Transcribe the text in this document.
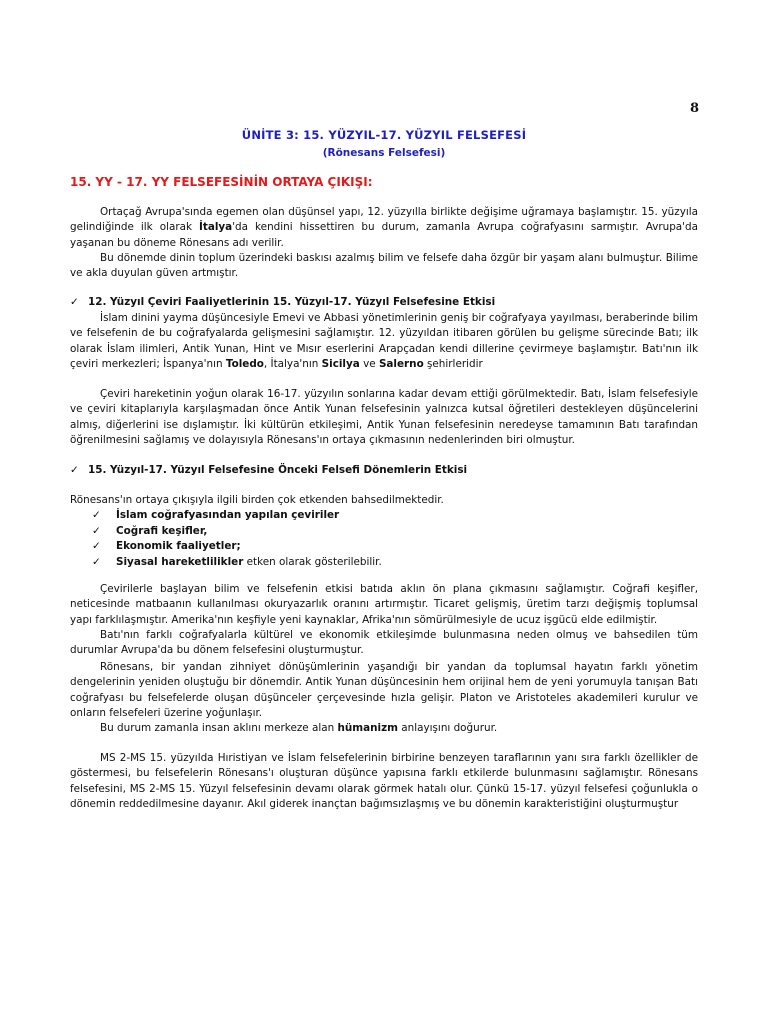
8
ÜNİTE 3: 15. YÜZYIL-17. YÜZYIL FELSEFESİ
(Rönesans Felsefesi)
15. YY - 17. YY FELSEFESİNİN ORTAYA ÇIKIŞI:

Ortaçağ Avrupa'sında egemen olan düşünsel yapı, 12. yüzyılla birlikte değişime uğramaya başlamıştır. 15. yüzyıla gelindiğinde ilk olarak İtalya'da kendini hissettiren bu durum, zamanla Avrupa coğrafyasını sarmıştır. Avrupa'da yaşanan bu döneme Rönesans adı verilir.

Bu dönemde dinin toplum üzerindeki baskısı azalmış bilim ve felsefe daha özgür bir yaşam alanı bulmuştur. Bilime ve akla duyulan güven artmıştır.

✓ 12. Yüzyıl Çeviri Faaliyetlerinin 15. Yüzyıl-17. Yüzyıl Felsefesine Etkisi

İslam dinini yayma düşüncesiyle Emevi ve Abbasi yönetimlerinin geniş bir coğrafyaya yayılması, beraberinde bilim ve felsefenin de bu coğrafyalarda gelişmesini sağlamıştır. 12. yüzyıldan itibaren görülen bu gelişme sürecinde Batı; ilk olarak İslam ilimleri, Antik Yunan, Hint ve Mısır eserlerini Arapçadan kendi dillerine çevirmeye başlamıştır. Batı'nın ilk çeviri merkezleri; İspanya'nın Toledo, İtalya'nın Sicilya ve Salerno şehirleridir

Çeviri hareketinin yoğun olarak 16-17. yüzyılın sonlarına kadar devam ettiği görülmektedir. Batı, İslam felsefesiyle ve çeviri kitaplarıyla karşılaşmadan önce Antik Yunan felsefesinin yalnızca kutsal öğretileri destekleyen düşüncelerini almış, diğerlerini ise dışlamıştır. İki kültürün etkileşimi, Antik Yunan felsefesinin neredeyse tamamının Batı tarafından öğrenilmesini sağlamış ve dolayısıyla Rönesans'ın ortaya çıkmasının nedenlerinden biri olmuştur.

✓ 15. Yüzyıl-17. Yüzyıl Felsefesine Önceki Felsefi Dönemlerin Etkisi

Rönesans'ın ortaya çıkışıyla ilgili birden çok etkenden bahsedilmektedir.

✓ İslam coğrafyasından yapılan çeviriler
✓ Coğrafi keşifler,
✓ Ekonomik faaliyetler;
✓ Siyasal hareketlilikler etken olarak gösterilebilir.

Çevirilerle başlayan bilim ve felsefenin etkisi batıda aklın ön plana çıkmasını sağlamıştır. Coğrafi keşifler, neticesinde matbaanın kullanılması okuryazarlık oranını artırmıştır. Ticaret gelişmiş, üretim tarzı değişmiş toplumsal yapı farklılaşmıştır. Amerika'nın keşfiyle yeni kaynaklar, Afrika'nın sömürülmesiyle de ucuz işgücü elde edilmiştir.

Batı'nın farklı coğrafyalarla kültürel ve ekonomik etkileşimde bulunmasına neden olmuş ve bahsedilen tüm durumlar Avrupa'da bu dönem felsefesini oluşturmuştur.

Rönesans, bir yandan zihniyet dönüşümlerinin yaşandığı bir yandan da toplumsal hayatın farklı yönetim dengelerinin yeniden oluştuğu bir dönemdir. Antik Yunan düşüncesinin hem orijinal hem de yeni yorumuyla tanışan Batı coğrafyası bu felsefelerde oluşan düşünceler çerçevesinde hızla gelişir. Platon ve Aristoteles akademileri kurulur ve onların felsefeleri üzerine yoğunlaşır.

Bu durum zamanla insan aklını merkeze alan hümanizm anlayışını doğurur.

MS 2-MS 15. yüzyılda Hıristiyan ve İslam felsefelerinin birbirine benzeyen taraflarının yanı sıra farklı özellikler de göstermesi, bu felsefelerin Rönesans'ı oluşturan düşünce yapısına farklı etkilerde bulunmasını sağlamıştır. Rönesans felsefesini, MS 2-MS 15. Yüzyıl felsefesinin devamı olarak görmek hatalı olur. Çünkü 15-17. yüzyıl felsefesi çoğunlukla o dönemin reddedilmesine dayanır. Akıl giderek inançtan bağımsızlaşmış ve bu dönemin karakteristiğini oluşturmuştur
